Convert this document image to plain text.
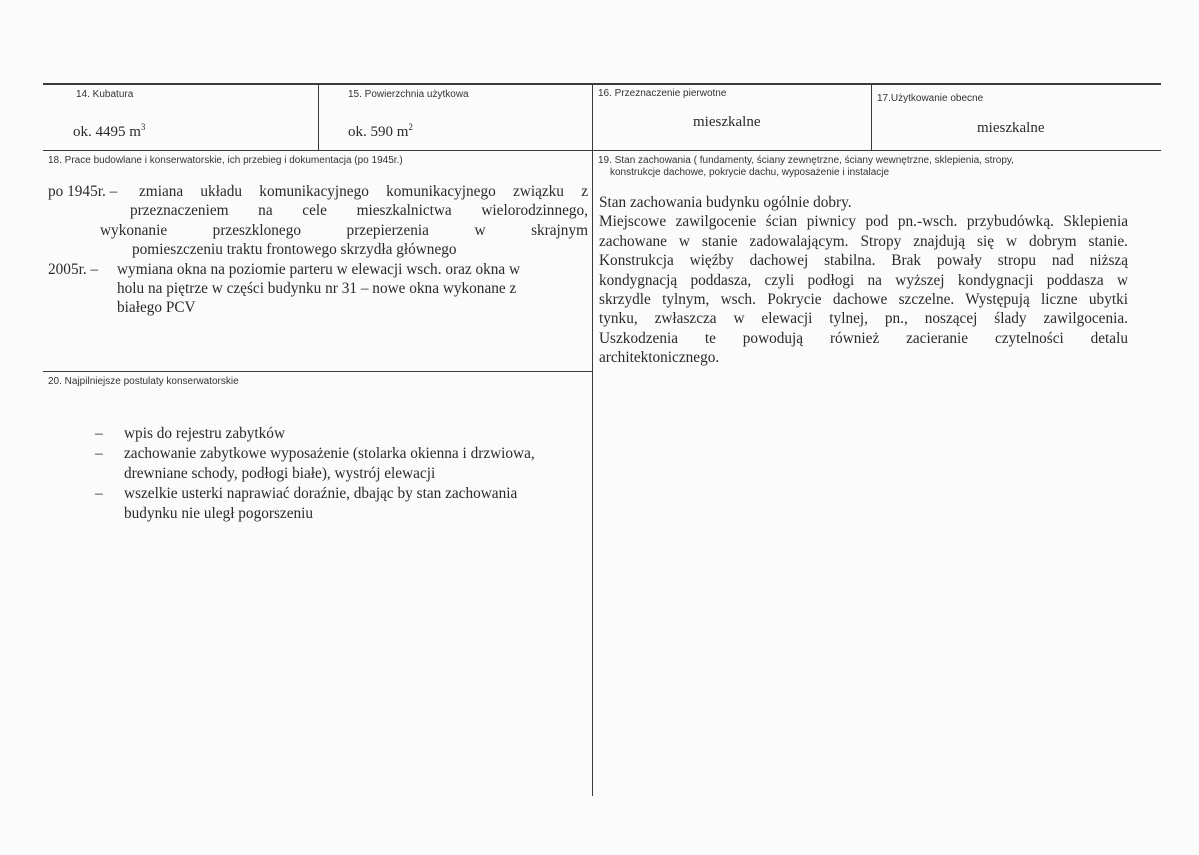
14. Kubatura
ok. 4495 $m^3$
15. Powierzchnia użytkowa
ok. 590 $m^2$
16. Przeznaczenie pierwotne
mieszkalne
17.Użytkowanie obecne
mieszkalne
18. Prace budowlane i konserwatorskie, ich przebieg i dokumentacja (po 1945r.)
po 1945r. – zmiana układu komunikacyjnego komunikacyjnego związku z
przeznaczeniem na cele mieszkalnictwa wielorodzinnego,
wykonanie przeszklonego przepierzenia w skrajnym
pomieszczeniu traktu frontowego skrzydła głównego
2005r. – wymiana okna na poziomie parteru w elewacji wsch. oraz okna w
holu na piętrze w części budynku nr 31 – nowe okna wykonane z
białego PCV
19. Stan zachowania ( fundamenty, ściany zewnętrzne, ściany wewnętrzne, sklepienia, stropy,
konstrukcje dachowe, pokrycie dachu, wyposażenie i instalacje
Stan zachowania budynku ogólnie dobry.
Miejscowe zawilgocenie ścian piwnicy pod pn.-wsch. przybudówką. Sklepienia
zachowane w stanie zadowalającym. Stropy znajdują się w dobrym stanie.
Konstrukcja więźby dachowej stabilna. Brak powały stropu nad niższą
kondygnacją poddasza, czyli podłogi na wyższej kondygnacji poddasza w
skrzydle tylnym, wsch. Pokrycie dachowe szczelne. Występują liczne ubytki
tynku, zwłaszcza w elewacji tylnej, pn., noszącej ślady zawilgocenia.
Uszkodzenia te powodują również zacieranie czytelności detalu
architektonicznego.
20. Najpilniejsze postulaty konserwatorskie
– wpis do rejestru zabytków
– zachowanie zabytkowe wyposażenie (stolarka okienna i drzwiowa,
drewniane schody, podłogi białe), wystrój elewacji
– wszelkie usterki naprawiać doraźnie, dbając by stan zachowania
budynku nie uległ pogorszeniu
